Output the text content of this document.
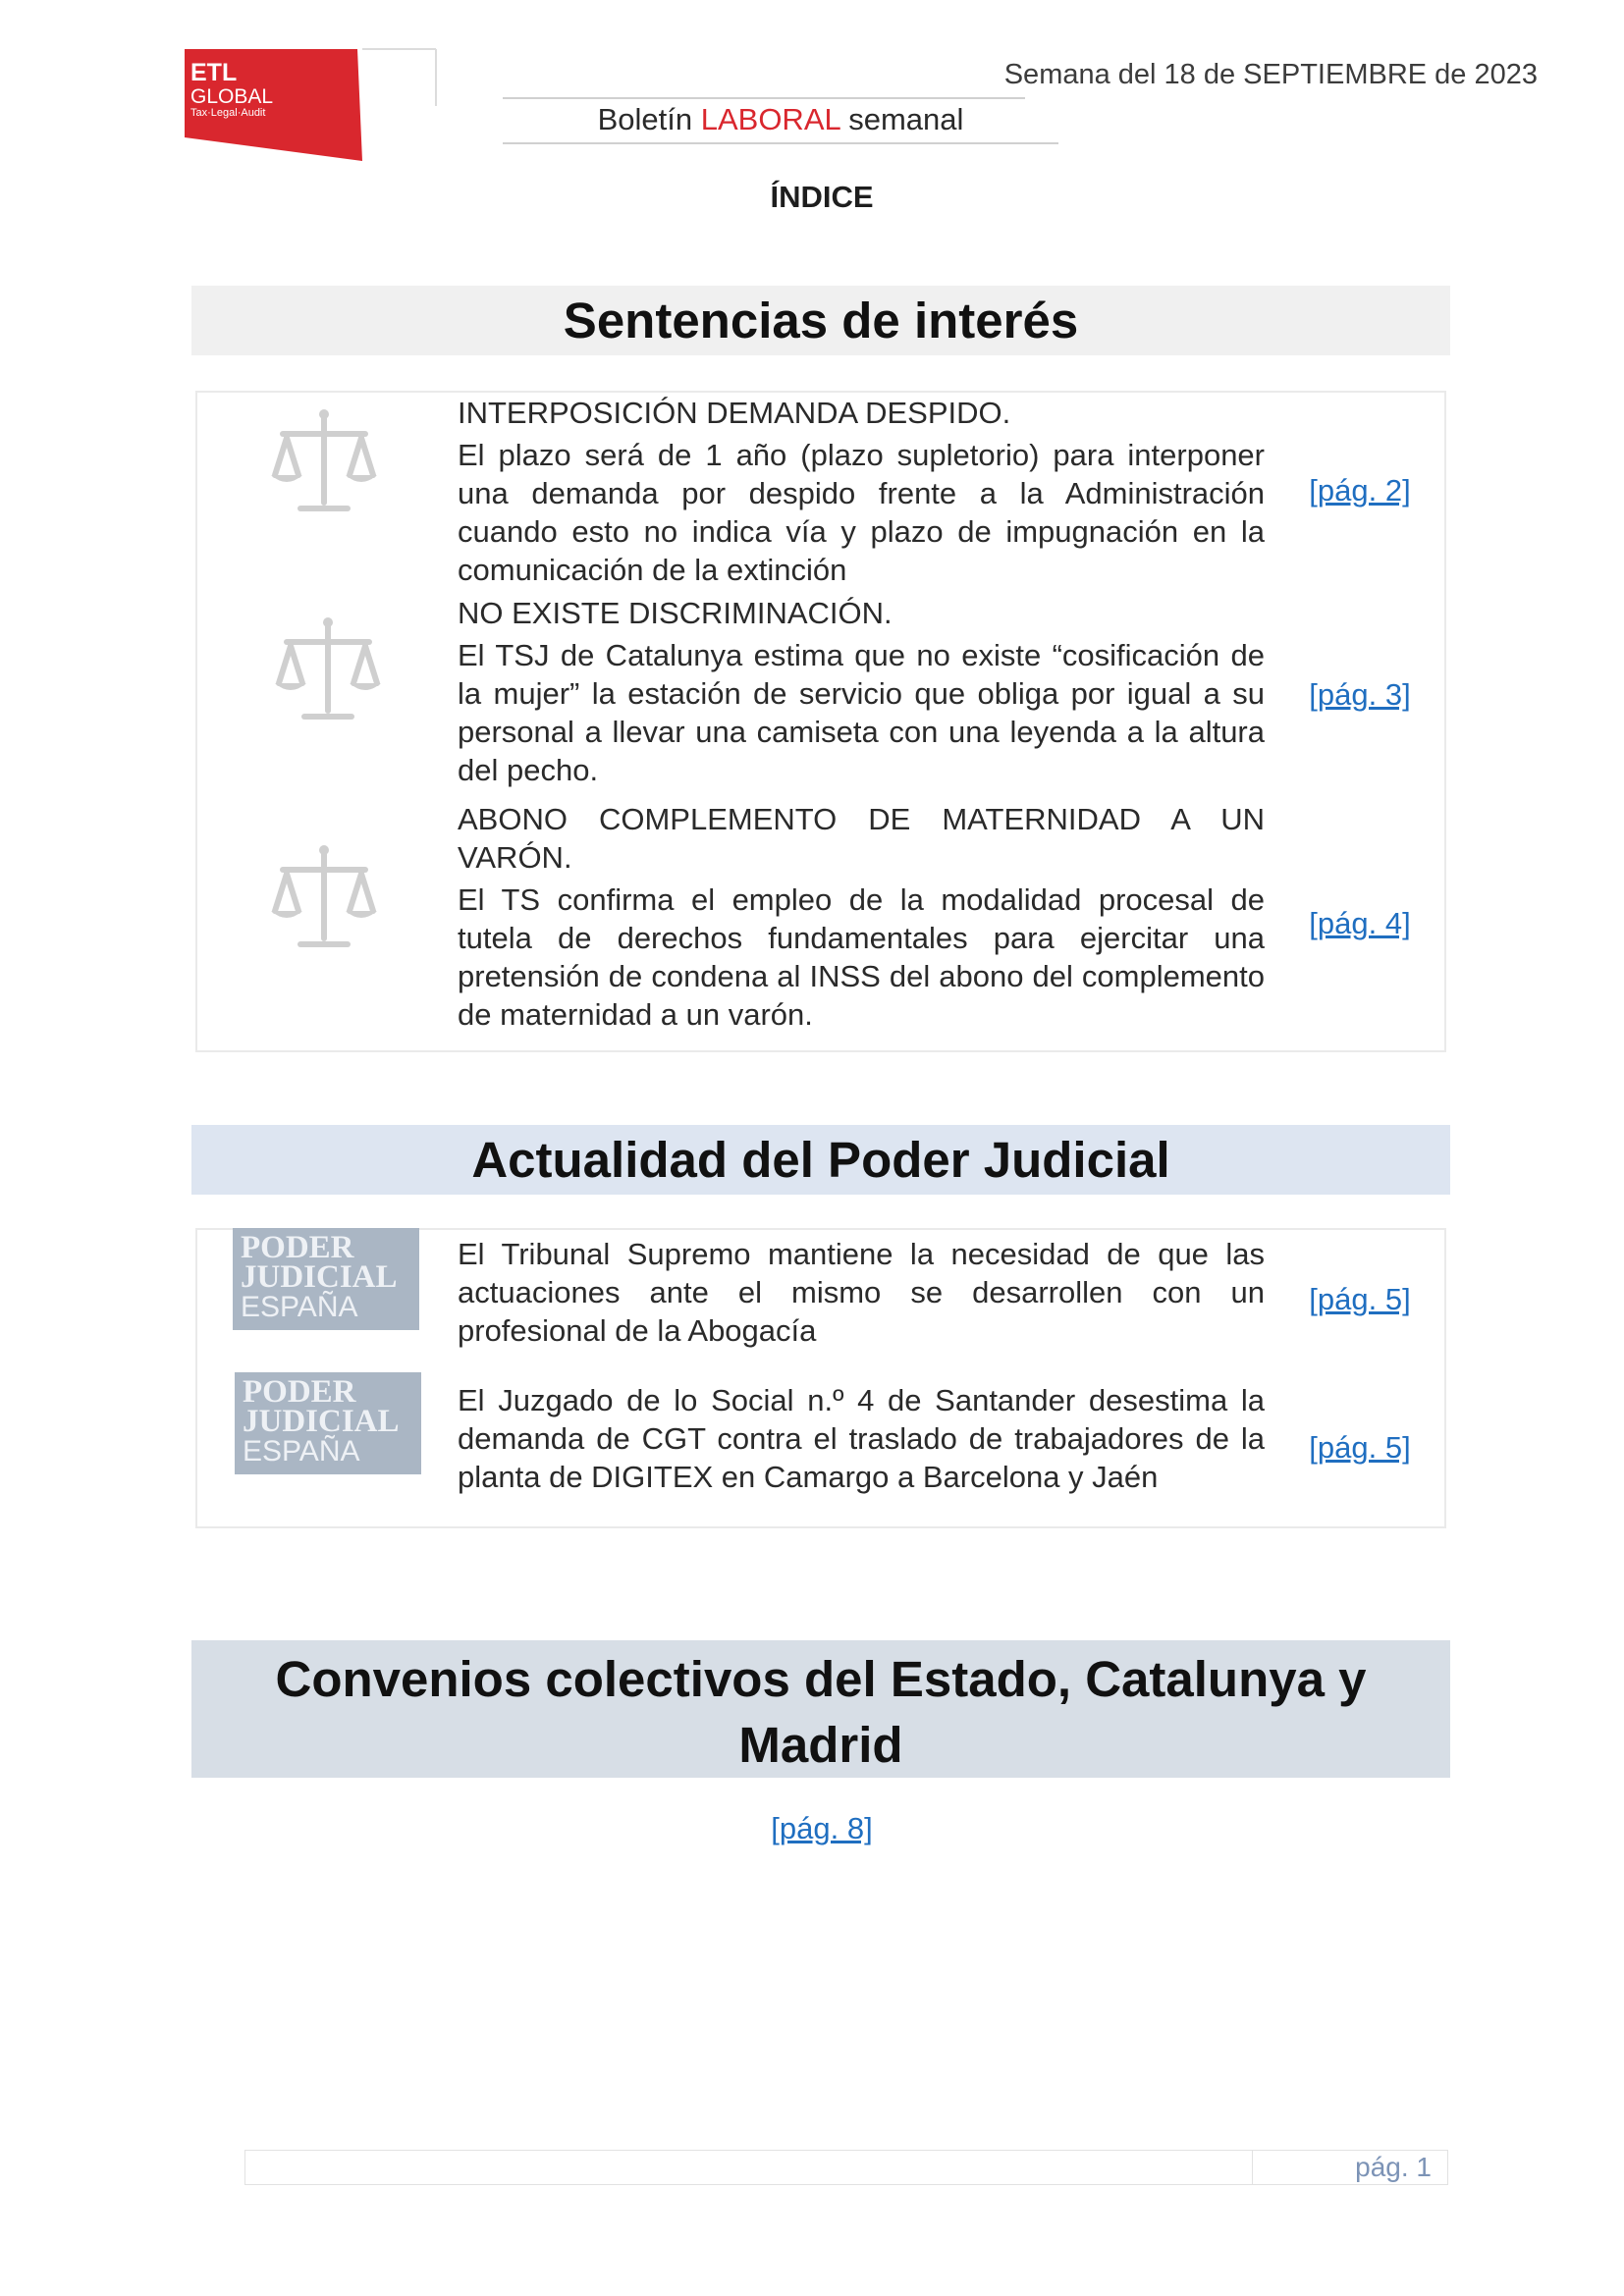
ETL
GLOBAL
Tax·Legal·Audit
Semana del 18 de SEPTIEMBRE de 2023
Boletín LABORAL semanal
ÍNDICE
Sentencias de interés
INTERPOSICIÓN DEMANDA DESPIDO.
El plazo será de 1 año (plazo supletorio) para interponer una demanda por despido frente a la Administración cuando esto no indica vía y plazo de impugnación en la comunicación de la extinción
[pág. 2]
NO EXISTE DISCRIMINACIÓN.
El TSJ de Catalunya estima que no existe “cosificación de la mujer” la estación de servicio que obliga por igual a su personal a llevar una camiseta con una leyenda a la altura del pecho.
[pág. 3]
ABONO COMPLEMENTO DE MATERNIDAD A UN VARÓN.
El TS confirma el empleo de la modalidad procesal de tutela de derechos fundamentales para ejercitar una pretensión de condena al INSS del abono del complemento de maternidad a un varón.
[pág. 4]
Actualidad del Poder Judicial
PODER
JUDICIAL
ESPAÑA
El Tribunal Supremo mantiene la necesidad de que las actuaciones ante el mismo se desarrollen con un profesional de la Abogacía
[pág. 5]
PODER
JUDICIAL
ESPAÑA
El Juzgado de lo Social n.º 4 de Santander desestima la demanda de CGT contra el traslado de trabajadores de la planta de DIGITEX en Camargo a Barcelona y Jaén
[pág. 5]
Convenios colectivos del Estado, Catalunya y
Madrid
[pág. 8]
pág. 1
